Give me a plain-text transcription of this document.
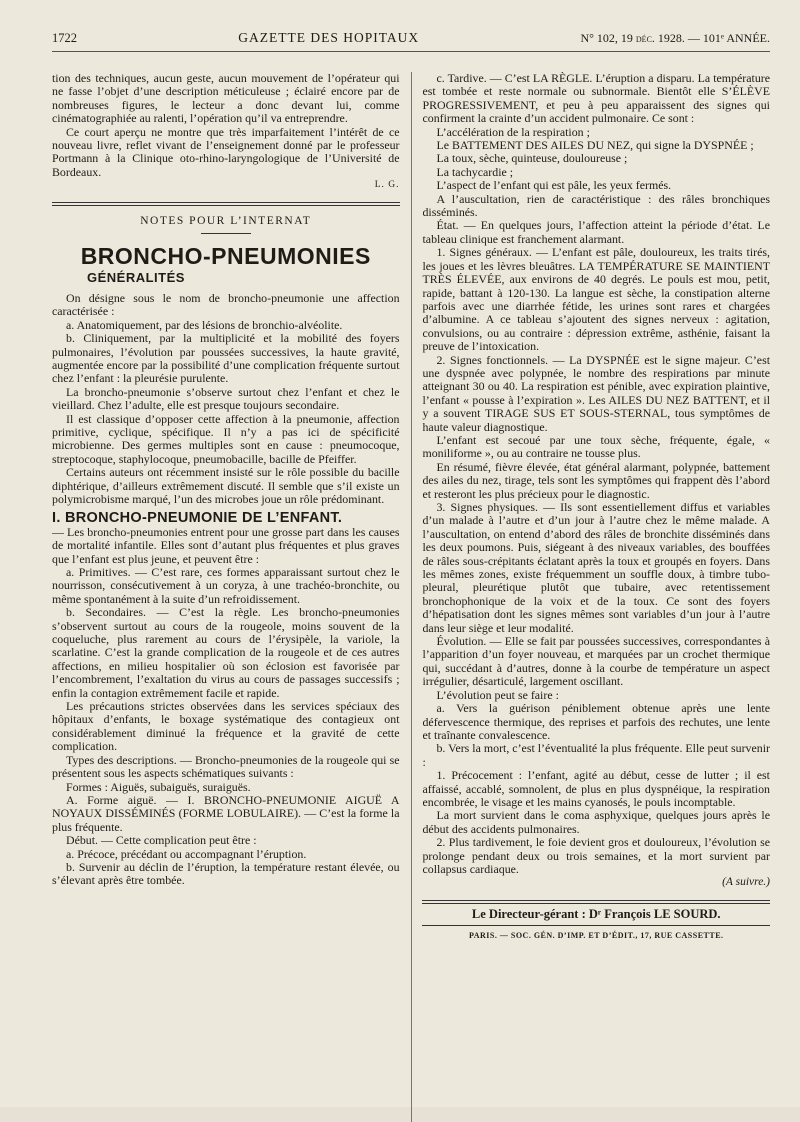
1722	GAZETTE DES HOPITAUX	N° 102, 19 déc. 1928. — 101ᵉ ANNÉE.

tion des techniques, aucun geste, aucun mouvement de l’opérateur qui ne fasse l’objet d’une description méticuleuse ; éclairé encore par de nombreuses figures, le lecteur a donc devant lui, comme cinématographiée au ralenti, l’opération qu’il va entreprendre.

Ce court aperçu ne montre que très imparfaitement l’intérêt de ce nouveau livre, reflet vivant de l’enseignement donné par le professeur Portmann à la Clinique oto-rhino-laryngologique de l’Université de Bordeaux.

L. G.
NOTES POUR L’INTERNAT
BRONCHO-PNEUMONIES
GÉNÉRALITÉS

On désigne sous le nom de broncho-pneumonie une affection caractérisée :

a. Anatomiquement, par des lésions de bronchio-alvéolite.

b. Cliniquement, par la multiplicité et la mobilité des foyers pulmonaires, l’évolution par poussées successives, la haute gravité, augmentée encore par la possibilité d’une complication fréquente surtout chez l’enfant : la pleurésie purulente.

La broncho-pneumonie s’observe surtout chez l’enfant et chez le vieillard. Chez l’adulte, elle est presque toujours secondaire.

Il est classique d’opposer cette affection à la pneumonie, affection primitive, cyclique, spécifique. Il n’y a pas ici de spécificité microbienne. Des germes multiples sont en cause : pneumocoque, streptocoque, staphylocoque, pneumobacille, bacille de Pfeiffer.

Certains auteurs ont récemment insisté sur le rôle possible du bacille diphtérique, d’ailleurs extrêmement discuté. Il semble que s’il existe un polymicrobisme marqué, l’un des microbes joue un rôle prédominant.

I. BRONCHO-PNEUMONIE DE L’ENFANT.

— Les broncho-pneumonies entrent pour une grosse part dans les causes de mortalité infantile. Elles sont d’autant plus fréquentes et plus graves que l’enfant est plus jeune, et peuvent être :

a. Primitives. — C’est rare, ces formes apparaissant surtout chez le nourrisson, consécutivement à un coryza, à une trachéo-bronchite, ou même spontanément à la suite d’un refroidissement.

b. Secondaires. — C’est la règle. Les broncho-pneumonies s’observent surtout au cours de la rougeole, moins souvent de la coqueluche, plus rarement au cours de l’érysipèle, la variole, la scarlatine. C’est la grande complication de la rougeole et de ces autres affections, en milieu hospitalier où son éclosion est favorisée par l’encombrement, l’exaltation du virus au cours de passages successifs ; enfin la contagion extrêmement facile et rapide.

Les précautions strictes observées dans les services spéciaux des hôpitaux d’enfants, le boxage systématique des contagieux ont considérablement diminué la fréquence et la gravité de cette complication.

Types des descriptions. — Broncho-pneumonies de la rougeole qui se présentent sous les aspects schématiques suivants :

Formes : Aiguës, subaiguës, suraiguës.

A. Forme aiguë. — I. BRONCHO-PNEUMONIE AIGUË A NOYAUX DISSÉMINÉS (FORME LOBULAIRE). — C’est la forme la plus fréquente.

Début. — Cette complication peut être :

a. Précoce, précédant ou accompagnant l’éruption.

b. Survenir au déclin de l’éruption, la température restant élevée, ou s’élevant après être tombée.

c. Tardive. — C’est LA RÈGLE. L’éruption a disparu. La température est tombée et reste normale ou subnormale. Bientôt elle S’ÉLÈVE PROGRESSIVEMENT, et peu à peu apparaissent des signes qui confirment la crainte d’un accident pulmonaire. Ce sont :

L’accélération de la respiration ;

Le BATTEMENT DES AILES DU NEZ, qui signe la DYSPNÉE ;

La toux, sèche, quinteuse, douloureuse ;

La tachycardie ;

L’aspect de l’enfant qui est pâle, les yeux fermés.

A l’auscultation, rien de caractéristique : des râles bronchiques disséminés.

État. — En quelques jours, l’affection atteint la période d’état. Le tableau clinique est franchement alarmant.

1. Signes généraux. — L’enfant est pâle, douloureux, les traits tirés, les joues et les lèvres bleuâtres. LA TEMPÉRATURE SE MAINTIENT TRÈS ÉLEVÉE, aux environs de 40 degrés. Le pouls est mou, petit, rapide, battant à 120-130. La langue est sèche, la constipation alterne parfois avec une diarrhée fétide, les urines sont rares et chargées d’albumine. A ce tableau s’ajoutent des signes nerveux : agitation, convulsions, ou au contraire : dépression extrême, asthénie, faisant la preuve de l’intoxication.

2. Signes fonctionnels. — La DYSPNÉE est le signe majeur. C’est une dyspnée avec polypnée, le nombre des respirations par minute atteignant 30 ou 40. La respiration est pénible, avec expiration plaintive, l’enfant « pousse à l’expiration ». Les AILES DU NEZ BATTENT, et il y a souvent TIRAGE SUS ET SOUS-STERNAL, tous symptômes de haute valeur diagnostique.

L’enfant est secoué par une toux sèche, fréquente, égale, « moniliforme », ou au contraire ne tousse plus.

En résumé, fièvre élevée, état général alarmant, polypnée, battement des ailes du nez, tirage, tels sont les symptômes qui frappent dès l’abord et resteront les plus précieux pour le diagnostic.

3. Signes physiques. — Ils sont essentiellement diffus et variables d’un malade à l’autre et d’un jour à l’autre chez le même malade. A l’auscultation, on entend d’abord des râles de bronchite disséminés dans les deux poumons. Puis, siégeant à des niveaux variables, des bouffées de râles sous-crépitants éclatant après la toux et groupés en foyers. Dans les mêmes zones, existe fréquemment un souffle doux, à timbre tubo-pleural, pleurétique plutôt que tubaire, avec retentissement bronchophonique de la voix et de la toux. Ce sont des foyers d’hépatisation dont les signes mêmes sont variables d’un jour à l’autre dans leur siège et leur modalité.

Évolution. — Elle se fait par poussées successives, correspondantes à l’apparition d’un foyer nouveau, et marquées par un crochet thermique qui, succédant à d’autres, donne à la courbe de température un aspect irrégulier, désarticulé, largement oscillant.

L’évolution peut se faire :

a. Vers la guérison péniblement obtenue après une lente défervescence thermique, des reprises et parfois des rechutes, une lente et traînante convalescence.

b. Vers la mort, c’est l’éventualité la plus fréquente. Elle peut survenir :

1. Précocement : l’enfant, agité au début, cesse de lutter ; il est affaissé, accablé, somnolent, de plus en plus dyspnéique, la respiration encombrée, le visage et les mains cyanosés, le pouls incomptable.

La mort survient dans le coma asphyxique, quelques jours après le début des accidents pulmonaires.

2. Plus tardivement, le foie devient gros et douloureux, l’évolution se prolonge pendant deux ou trois semaines, et la mort survient par collapsus cardiaque.

(A suivre.)
Le Directeur-gérant : Dʳ François LE SOURD.
PARIS. — SOC. GÉN. D’IMP. ET D’ÉDIT., 17, RUE CASSETTE.
